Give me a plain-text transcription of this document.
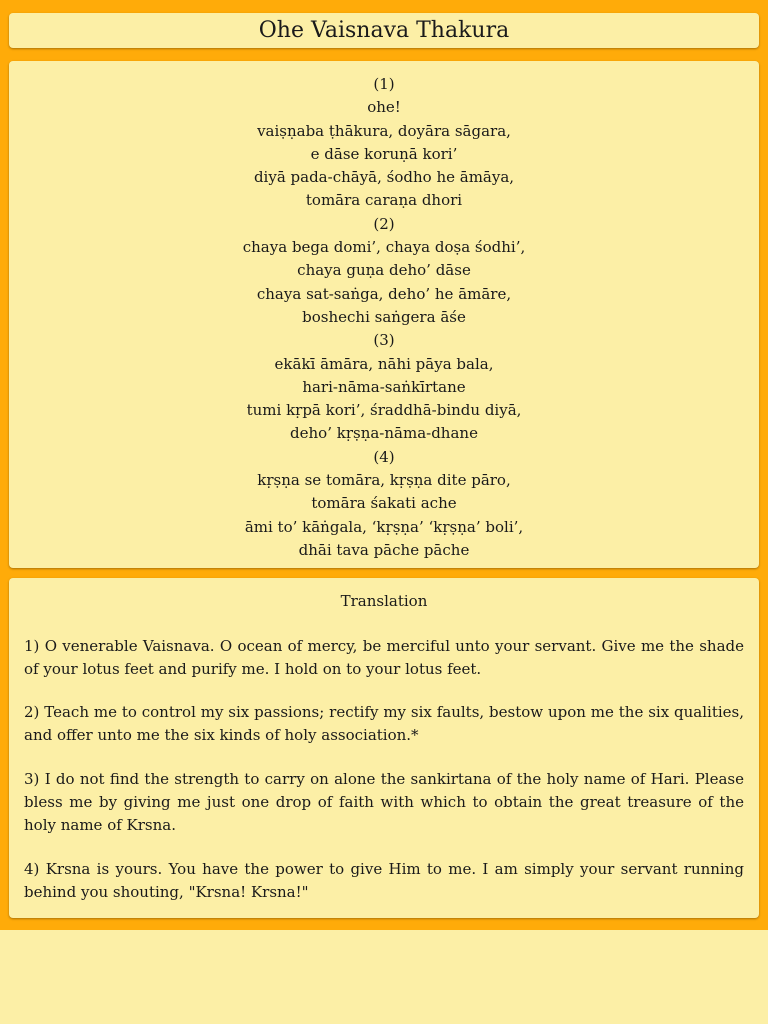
Ohe Vaisnava Thakura
(1)
ohe!
vaiṣṇaba ṭhākura, doyāra sāgara,
e dāse koruṇā kori’
diyā pada-chāyā, śodho he āmāya,
tomāra caraṇa dhori
(2)
chaya bega domi’, chaya doṣa śodhi’,
chaya guṇa deho’ dāse
chaya sat-saṅga, deho’ he āmāre,
boshechi saṅgera āśe
(3)
ekākī āmāra, nāhi pāya bala,
hari-nāma-saṅkīrtane
tumi kṛpā kori’, śraddhā-bindu diyā,
deho’ kṛṣṇa-nāma-dhane
(4)
kṛṣṇa se tomāra, kṛṣṇa dite pāro,
tomāra śakati ache
āmi to’ kāṅgala, ‘kṛṣṇa’ ‘kṛṣṇa’ boli’,
dhāi tava pāche pāche

Translation

1) O venerable Vaisnava. O ocean of mercy, be merciful unto your servant. Give me the shade of your lotus feet and purify me. I hold on to your lotus feet.

2) Teach me to control my six passions; rectify my six faults, bestow upon me the six qualities, and offer unto me the six kinds of holy association.*

3) I do not find the strength to carry on alone the sankirtana of the holy name of Hari. Please bless me by giving me just one drop of faith with which to obtain the great treasure of the holy name of Krsna.

4) Krsna is yours. You have the power to give Him to me. I am simply your servant running behind you shouting, "Krsna! Krsna!"
